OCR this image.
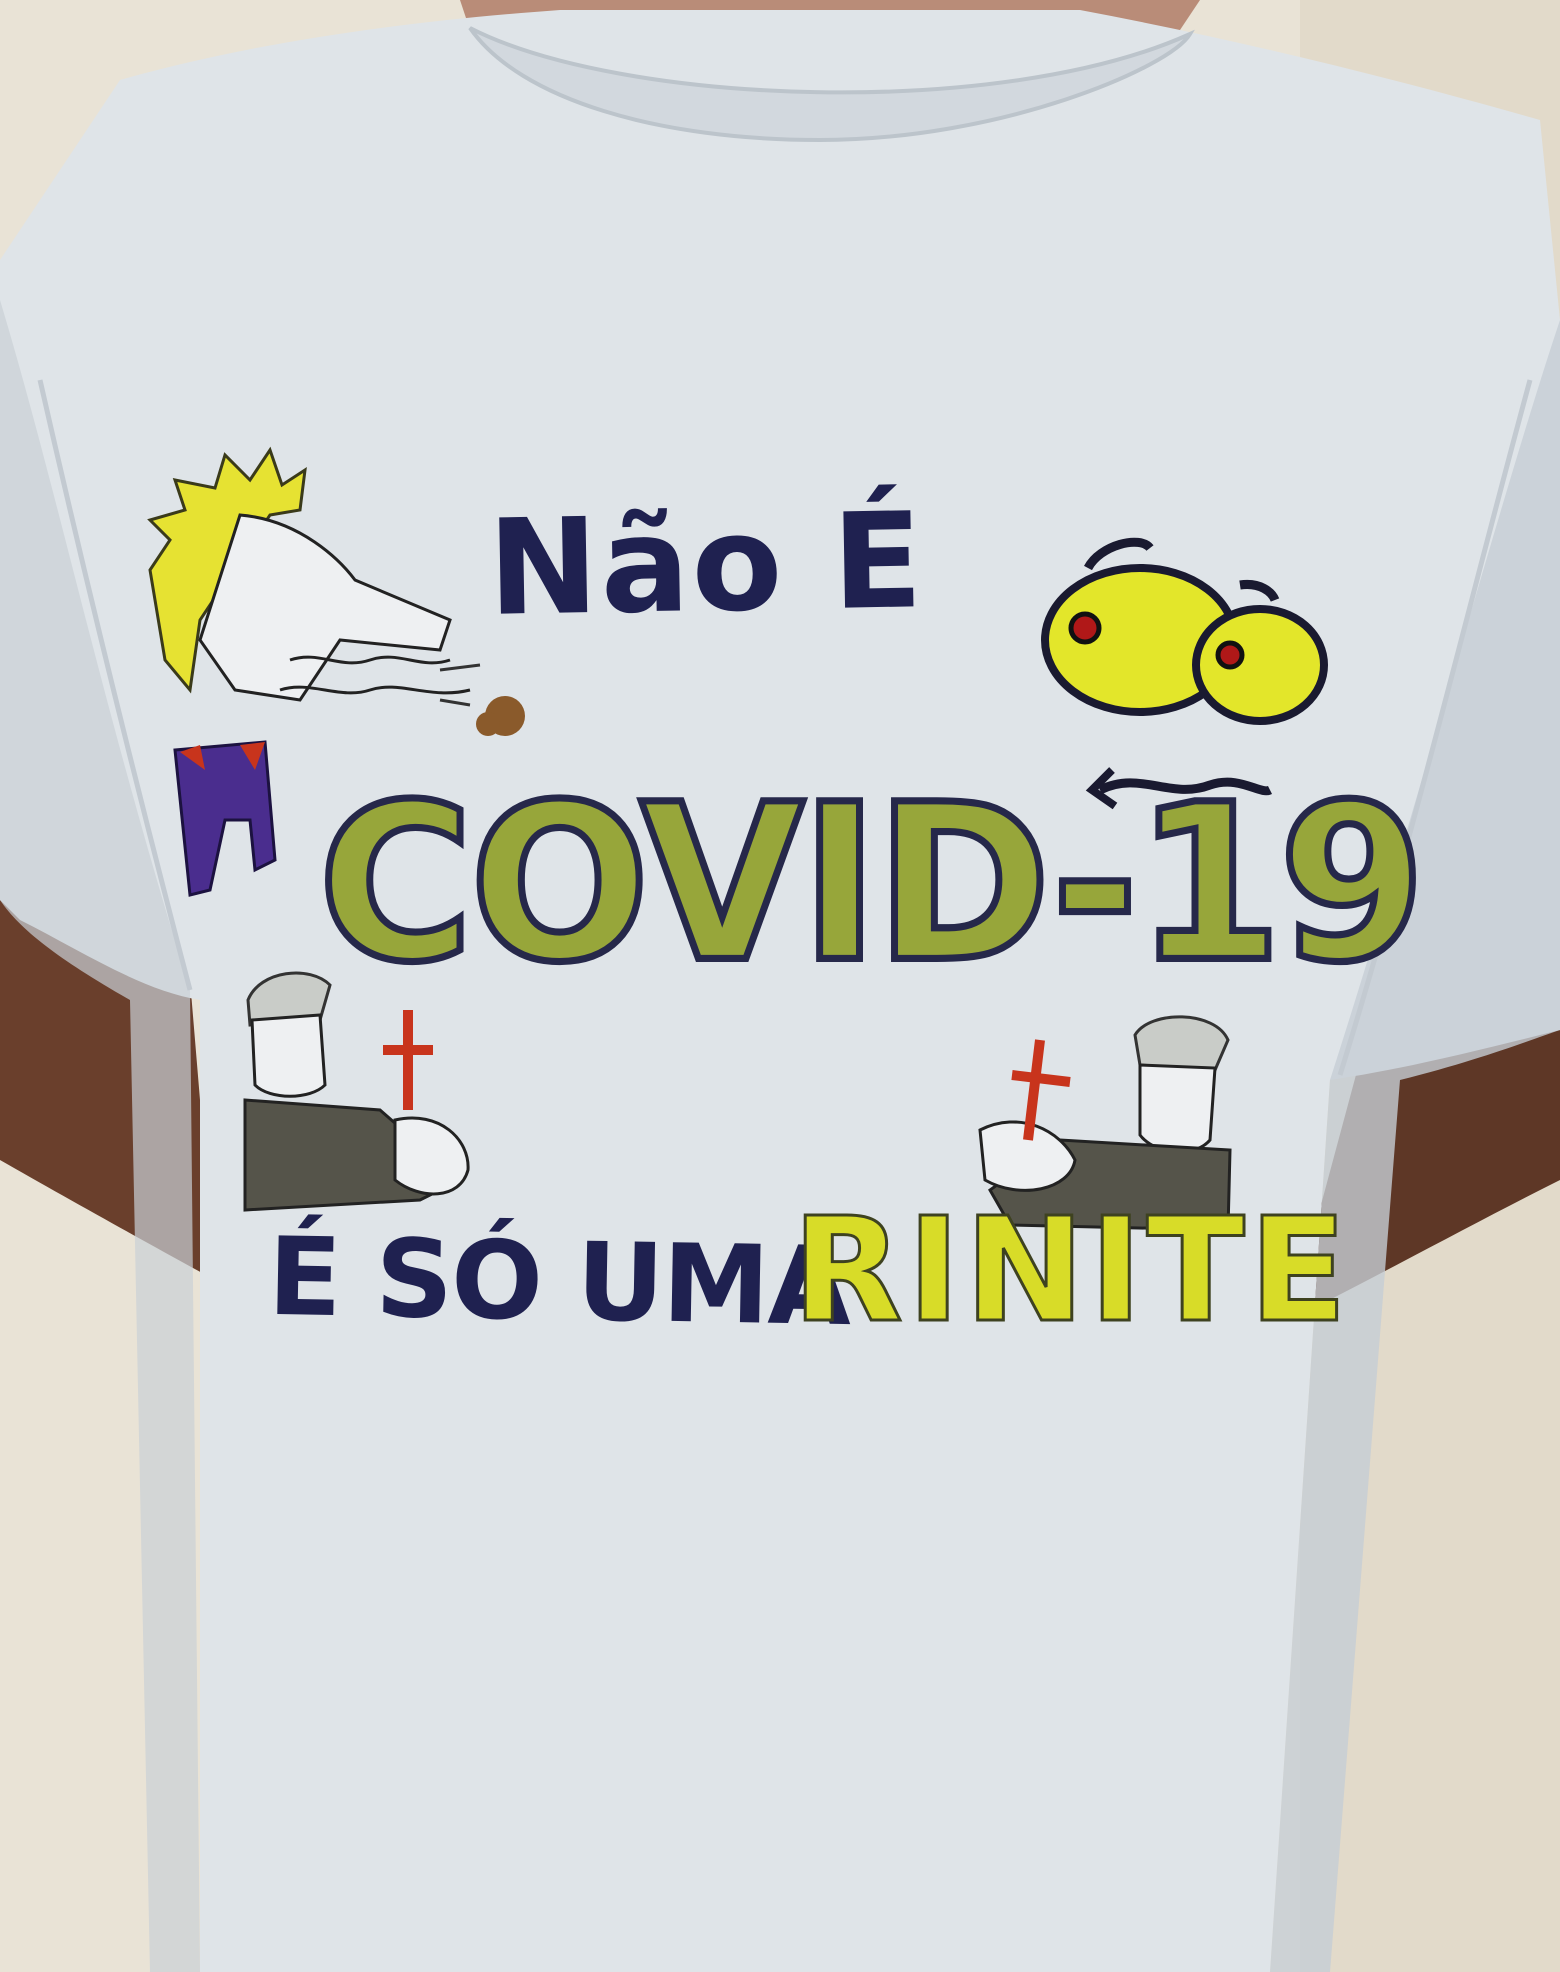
Não É

COVID-19

É SÓ UMA

RINITE
